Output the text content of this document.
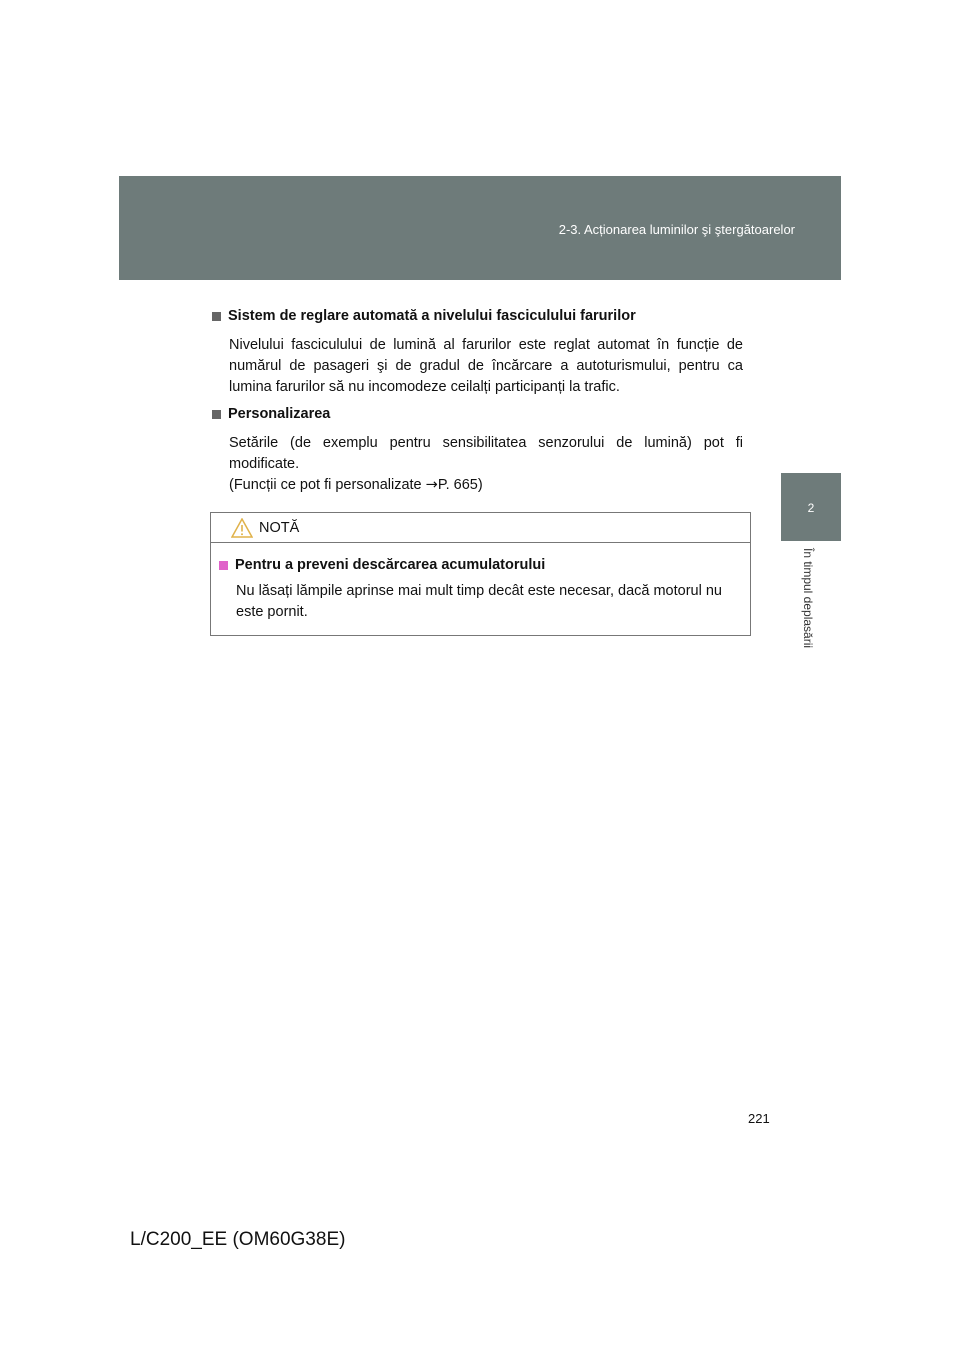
2-3. Acționarea luminilor şi ştergătoarelor
2
În timpul deplasării
Sistem de reglare automată a nivelului fasciculului farurilor
Nivelului fasciculului de lumină al farurilor este reglat automat în funcție de numărul de pasageri şi de gradul de încărcare a autoturismului, pentru ca lumina farurilor să nu incomodeze ceilalți participanți la trafic.
Personalizarea
Setările (de exemplu pentru sensibilitatea senzorului de lumină) pot fi modificate.
(Funcții ce pot fi personalizate →P. 665)
NOTĂ
Pentru a preveni descărcarea acumulatorului
Nu lăsați lămpile aprinse mai mult timp decât este necesar, dacă motorul nu este pornit.
221
L/C200_EE (OM60G38E)
